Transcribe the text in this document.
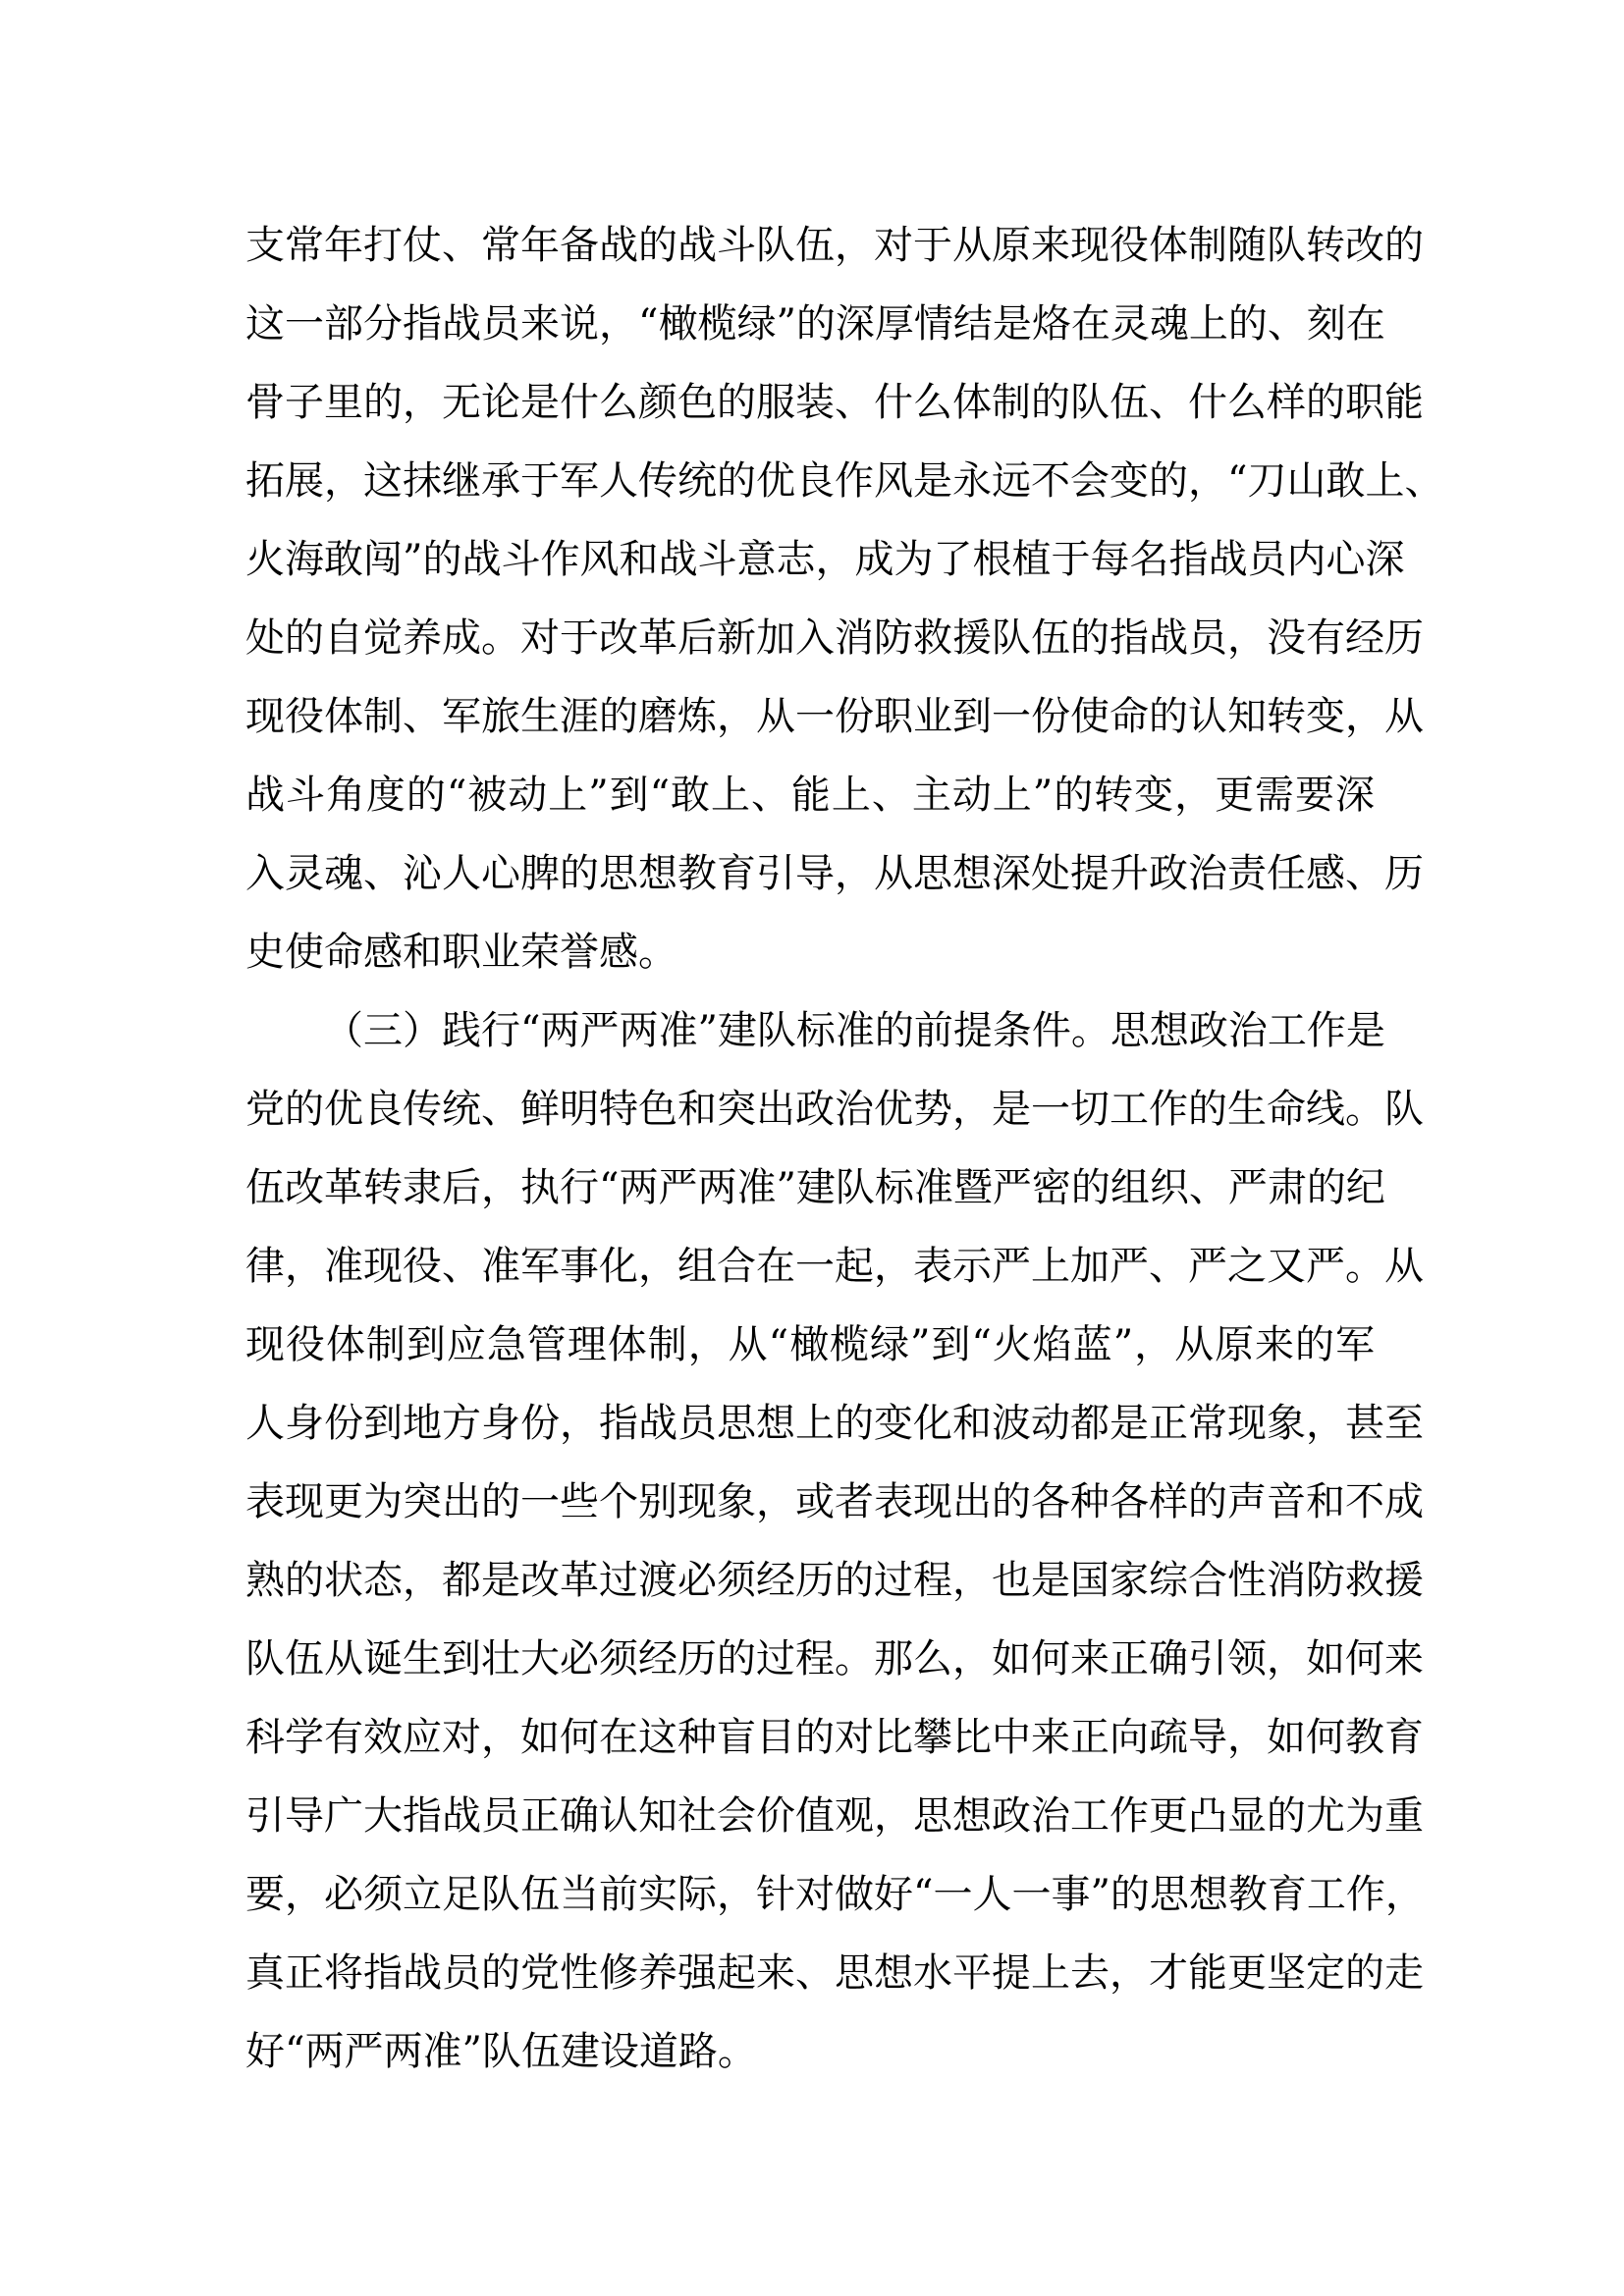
支常年打仗、常年备战的战斗队伍，对于从原来现役体制随队转改的
这一部分指战员来说，“橄榄绿”的深厚情结是烙在灵魂上的、刻在
骨子里的，无论是什么颜色的服装、什么体制的队伍、什么样的职能
拓展，这抹继承于军人传统的优良作风是永远不会变的，“刀山敢上、
火海敢闯”的战斗作风和战斗意志，成为了根植于每名指战员内心深
处的自觉养成。对于改革后新加入消防救援队伍的指战员，没有经历
现役体制、军旅生涯的磨炼，从一份职业到一份使命的认知转变，从
战斗角度的“被动上”到“敢上、能上、主动上”的转变，更需要深
入灵魂、沁人心脾的思想教育引导，从思想深处提升政治责任感、历
史使命感和职业荣誉感。
（三）践行“两严两准”建队标准的前提条件。思想政治工作是
党的优良传统、鲜明特色和突出政治优势，是一切工作的生命线。队
伍改革转隶后，执行“两严两准”建队标准暨严密的组织、严肃的纪
律，准现役、准军事化，组合在一起，表示严上加严、严之又严。从
现役体制到应急管理体制，从“橄榄绿”到“火焰蓝”，从原来的军
人身份到地方身份，指战员思想上的变化和波动都是正常现象，甚至
表现更为突出的一些个别现象，或者表现出的各种各样的声音和不成
熟的状态，都是改革过渡必须经历的过程，也是国家综合性消防救援
队伍从诞生到壮大必须经历的过程。那么，如何来正确引领，如何来
科学有效应对，如何在这种盲目的对比攀比中来正向疏导，如何教育
引导广大指战员正确认知社会价值观，思想政治工作更凸显的尤为重
要，必须立足队伍当前实际，针对做好“一人一事”的思想教育工作，
真正将指战员的党性修养强起来、思想水平提上去，才能更坚定的走
好“两严两准”队伍建设道路。
